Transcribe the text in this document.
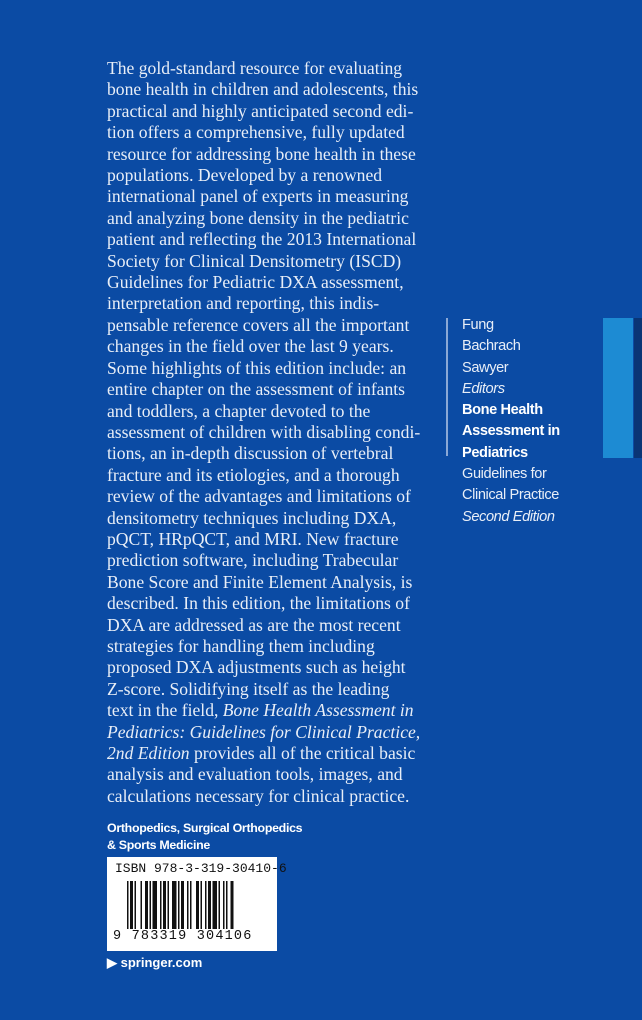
The gold-standard resource for evaluating
bone health in children and adolescents, this
practical and highly anticipated second edi-
tion offers a comprehensive, fully updated
resource for addressing bone health in these
populations. Developed by a renowned
international panel of experts in measuring
and analyzing bone density in the pediatric
patient and reflecting the 2013 International
Society for Clinical Densitometry (ISCD)
Guidelines for Pediatric DXA assessment,
interpretation and reporting, this indis-
pensable reference covers all the important
changes in the field over the last 9 years.
Some highlights of this edition include: an
entire chapter on the assessment of infants
and toddlers, a chapter devoted to the
assessment of children with disabling condi-
tions, an in-depth discussion of vertebral
fracture and its etiologies, and a thorough
review of the advantages and limitations of
densitometry techniques including DXA,
pQCT, HRpQCT, and MRI. New fracture
prediction software, including Trabecular
Bone Score and Finite Element Analysis, is
described. In this edition, the limitations of
DXA are addressed as are the most recent
strategies for handling them including
proposed DXA adjustments such as height
Z-score. Solidifying itself as the leading
text in the field, Bone Health Assessment in
Pediatrics: Guidelines for Clinical Practice,
2nd Edition provides all of the critical basic
analysis and evaluation tools, images, and
calculations necessary for clinical practice.
Fung
Bachrach
Sawyer
Editors
Bone Health
Assessment in
Pediatrics
Guidelines for
Clinical Practice
Second Edition
Orthopedics, Surgical Orthopedics
& Sports Medicine
ISBN 978-3-319-30410-6
9 783319 304106
▶ springer.com
